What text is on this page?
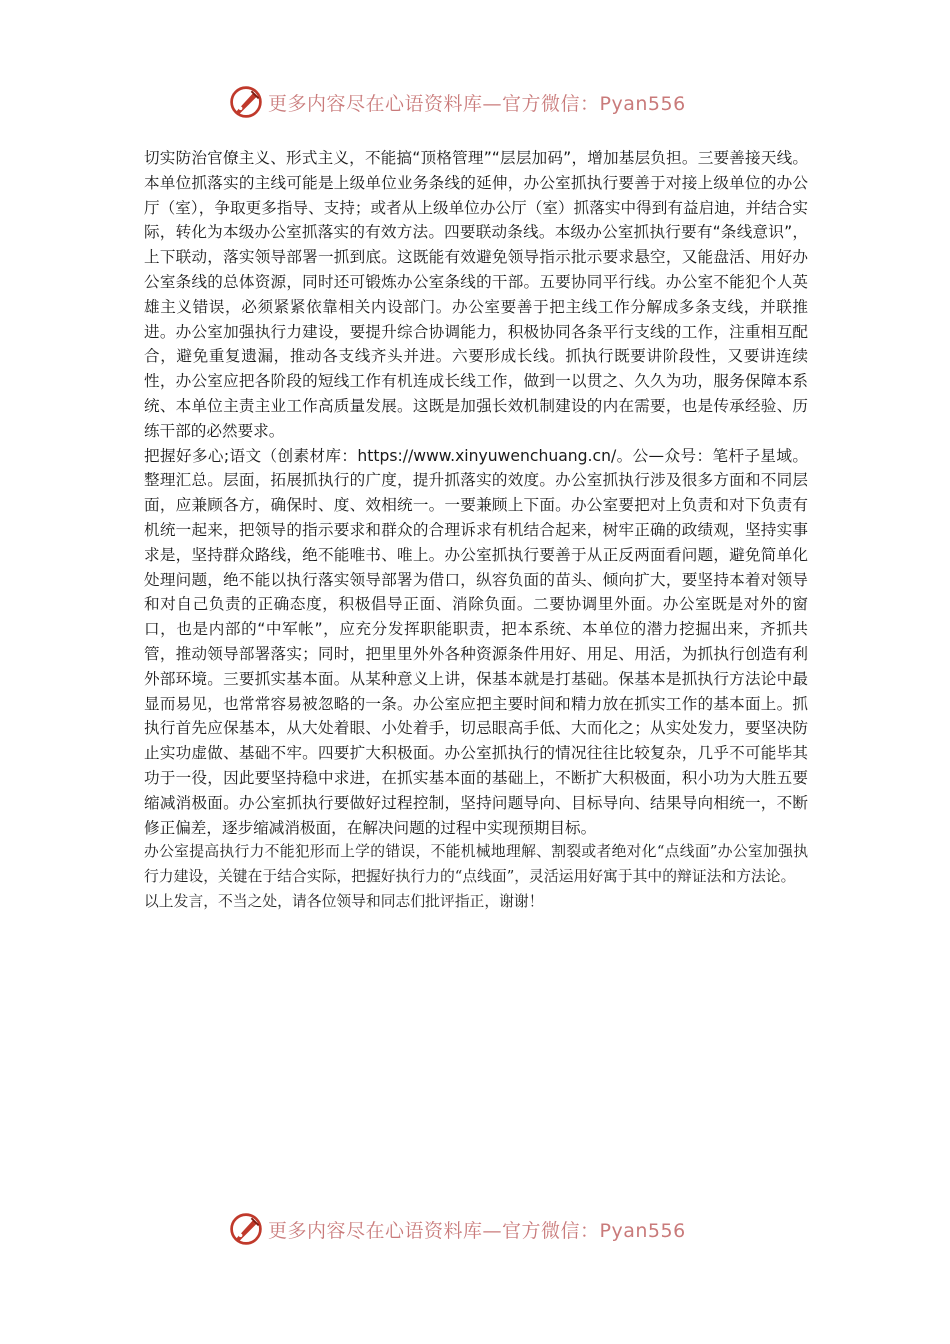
更多内容尽在心语资料库—官方微信：Pyan556

切实防治官僚主义、形式主义，不能搞“顶格管理”“层层加码”，增加基层负担。三要善接天线。本单位抓落实的主线可能是上级单位业务条线的延伸，办公室抓执行要善于对接上级单位的办公厅（室），争取更多指导、支持；或者从上级单位办公厅（室）抓落实中得到有益启迪，并结合实际，转化为本级办公室抓落实的有效方法。四要联动条线。本级办公室抓执行要有“条线意识”，上下联动，落实领导部署一抓到底。这既能有效避免领导指示批示要求悬空，又能盘活、用好办公室条线的总体资源，同时还可锻炼办公室条线的干部。五要协同平行线。办公室不能犯个人英雄主义错误，必须紧紧依靠相关内设部门。办公室要善于把主线工作分解成多条支线，并联推进。办公室加强执行力建设，要提升综合协调能力，积极协同各条平行支线的工作，注重相互配合，避免重复遗漏，推动各支线齐头并进。六要形成长线。抓执行既要讲阶段性，又要讲连续性，办公室应把各阶段的短线工作有机连成长线工作，做到一以贯之、久久为功，服务保障本系统、本单位主责主业工作高质量发展。这既是加强长效机制建设的内在需要，也是传承经验、历练干部的必然要求。

把握好多心;语文（创素材库：https://www.xinyuwenchuang.cn/。公—众号：笔杆子星域。整理汇总。层面，拓展抓执行的广度，提升抓落实的效度。办公室抓执行涉及很多方面和不同层面，应兼顾各方，确保时、度、效相统一。一要兼顾上下面。办公室要把对上负责和对下负责有机统一起来，把领导的指示要求和群众的合理诉求有机结合起来，树牢正确的政绩观，坚持实事求是，坚持群众路线，绝不能唯书、唯上。办公室抓执行要善于从正反两面看问题，避免简单化处理问题，绝不能以执行落实领导部署为借口，纵容负面的苗头、倾向扩大，要坚持本着对领导和对自己负责的正确态度，积极倡导正面、消除负面。二要协调里外面。办公室既是对外的窗口，也是内部的“中军帐”，应充分发挥职能职责，把本系统、本单位的潜力挖掘出来，齐抓共管，推动领导部署落实；同时，把里里外外各种资源条件用好、用足、用活，为抓执行创造有利外部环境。三要抓实基本面。从某种意义上讲，保基本就是打基础。保基本是抓执行方法论中最显而易见，也常常容易被忽略的一条。办公室应把主要时间和精力放在抓实工作的基本面上。抓执行首先应保基本，从大处着眼、小处着手，切忌眼高手低、大而化之；从实处发力，要坚决防止实功虚做、基础不牢。四要扩大积极面。办公室抓执行的情况往往比较复杂，几乎不可能毕其功于一役，因此要坚持稳中求进，在抓实基本面的基础上，不断扩大积极面，积小功为大胜五要缩减消极面。办公室抓执行要做好过程控制，坚持问题导向、目标导向、结果导向相统一，不断修正偏差，逐步缩减消极面，在解决问题的过程中实现预期目标。

办公室提高执行力不能犯形而上学的错误，不能机械地理解、割裂或者绝对化“点线面”办公室加强执行力建设，关键在于结合实际，把握好执行力的“点线面”，灵活运用好寓于其中的辩证法和方法论。

以上发言，不当之处，请各位领导和同志们批评指正，谢谢！

更多内容尽在心语资料库—官方微信：Pyan556
